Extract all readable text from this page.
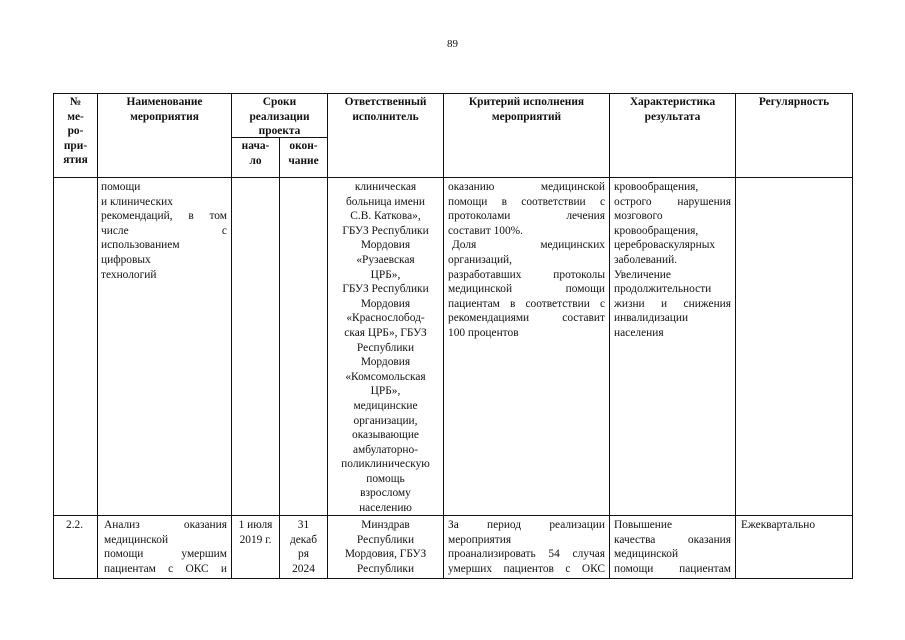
89
№
ме-
ро-
при-
ятия
Наименование
мероприятия
Сроки
реализации
проекта
нача-
ло
окон-
чание
Ответственный
исполнитель
Критерий исполнения
мероприятий
Характеристика
результата
Регулярность
помощи
и клинических
рекомендаций, в том
числе с
использованием
цифровых
технологий
клиническая
больница имени
С.В. Каткова»,
ГБУЗ Республики
Мордовия
«Рузаевская
ЦРБ»,
ГБУЗ Республики
Мордовия
«Краснослобод-
ская ЦРБ», ГБУЗ
Республики
Мордовия
«Комсомольская
ЦРБ»,
медицинские
организации,
оказывающие
амбулаторно-
поликлиническую
помощь
взрослому
населению
оказанию медицинской
помощи в соответствии с
протоколами лечения
составит 100%.
Доля медицинских
организаций,
разработавших протоколы
медицинской помощи
пациентам в соответствии с
рекомендациями составит
100 процентов
кровообращения,
острого нарушения
мозгового
кровообращения,
цереброваскулярных
заболеваний.
Увеличение
продолжительности
жизни и снижения
инвалидизации
населения
2.2.	Анализ оказания
медицинской
помощи умершим
пациентам с ОКС и
1 июля
2019 г.
31
декаб
ря
2024
Минздрав
Республики
Мордовия, ГБУЗ
Республики
За период реализации
мероприятия
проанализировать 54 случая
умерших пациентов с ОКС
Повышение
качества оказания
медицинской
помощи пациентам
Ежеквартально
